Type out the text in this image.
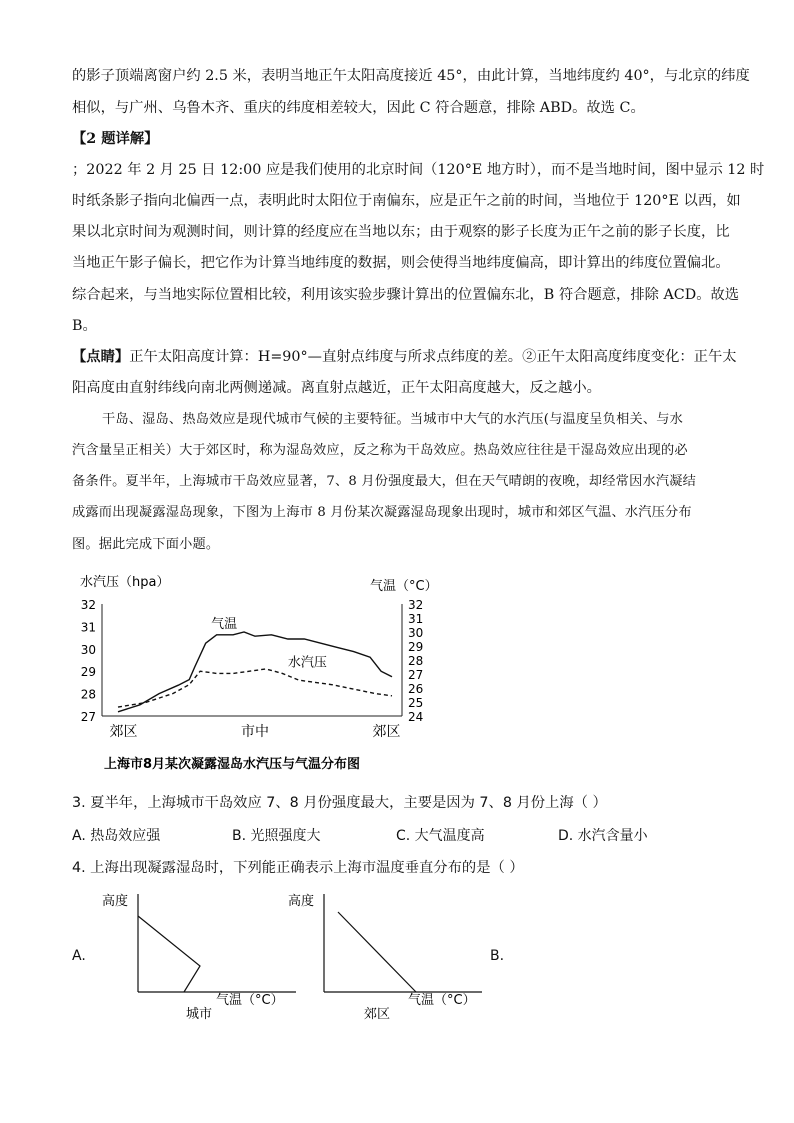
的影子顶端离窗户约 2.5 米，表明当地正午太阳高度接近 45°，由此计算，当地纬度约 40°，与北京的纬度
相似，与广州、乌鲁木齐、重庆的纬度相差较大，因此 C 符合题意，排除 ABD。故选 C。
【2 题详解】
；2022 年 2 月 25 日 12:00 应是我们使用的北京时间（120°E 地方时），而不是当地时间，图中显示 12 时
时纸条影子指向北偏西一点，表明此时太阳位于南偏东，应是正午之前的时间，当地位于 120°E 以西，如
果以北京时间为观测时间，则计算的经度应在当地以东；由于观察的影子长度为正午之前的影子长度，比
当地正午影子偏长，把它作为计算当地纬度的数据，则会使得当地纬度偏高，即计算出的纬度位置偏北。
综合起来，与当地实际位置相比较，利用该实验步骤计算出的位置偏东北，B 符合题意，排除 ACD。故选
B。
【点睛】正午太阳高度计算：H=90°—直射点纬度与所求点纬度的差。②正午太阳高度纬度变化：正午太
阳高度由直射纬线向南北两侧递减。离直射点越近，正午太阳高度越大，反之越小。
干岛、湿岛、热岛效应是现代城市气候的主要特征。当城市中大气的水汽压(与温度呈负相关、与水
汽含量呈正相关）大于郊区时，称为湿岛效应，反之称为干岛效应。热岛效应往往是干湿岛效应出现的必
备条件。夏半年，上海城市干岛效应显著，7、8 月份强度最大，但在天气晴朗的夜晚，却经常因水汽凝结
成露而出现凝露湿岛现象，下图为上海市 8 月份某次凝露湿岛现象出现时，城市和郊区气温、水汽压分布
图。据此完成下面小题。
水汽压（hpa）	气温（°C）
32
31
30
29
28
27
32
31
30
29
28
27
26
25
24
郊区	市中	郊区
气温
水汽压
上海市8月某次凝露湿岛水汽压与气温分布图
3. 夏半年，上海城市干岛效应 7、8 月份强度最大，主要是因为 7、8 月份上海（ ）
A. 热岛效应强	B. 光照强度大	C. 大气温度高	D. 水汽含量小
4. 上海出现凝露湿岛时，下列能正确表示上海市温度垂直分布的是（ ）
A.	B.
高度
气温（°C）
城市
高度
气温（°C）
郊区
